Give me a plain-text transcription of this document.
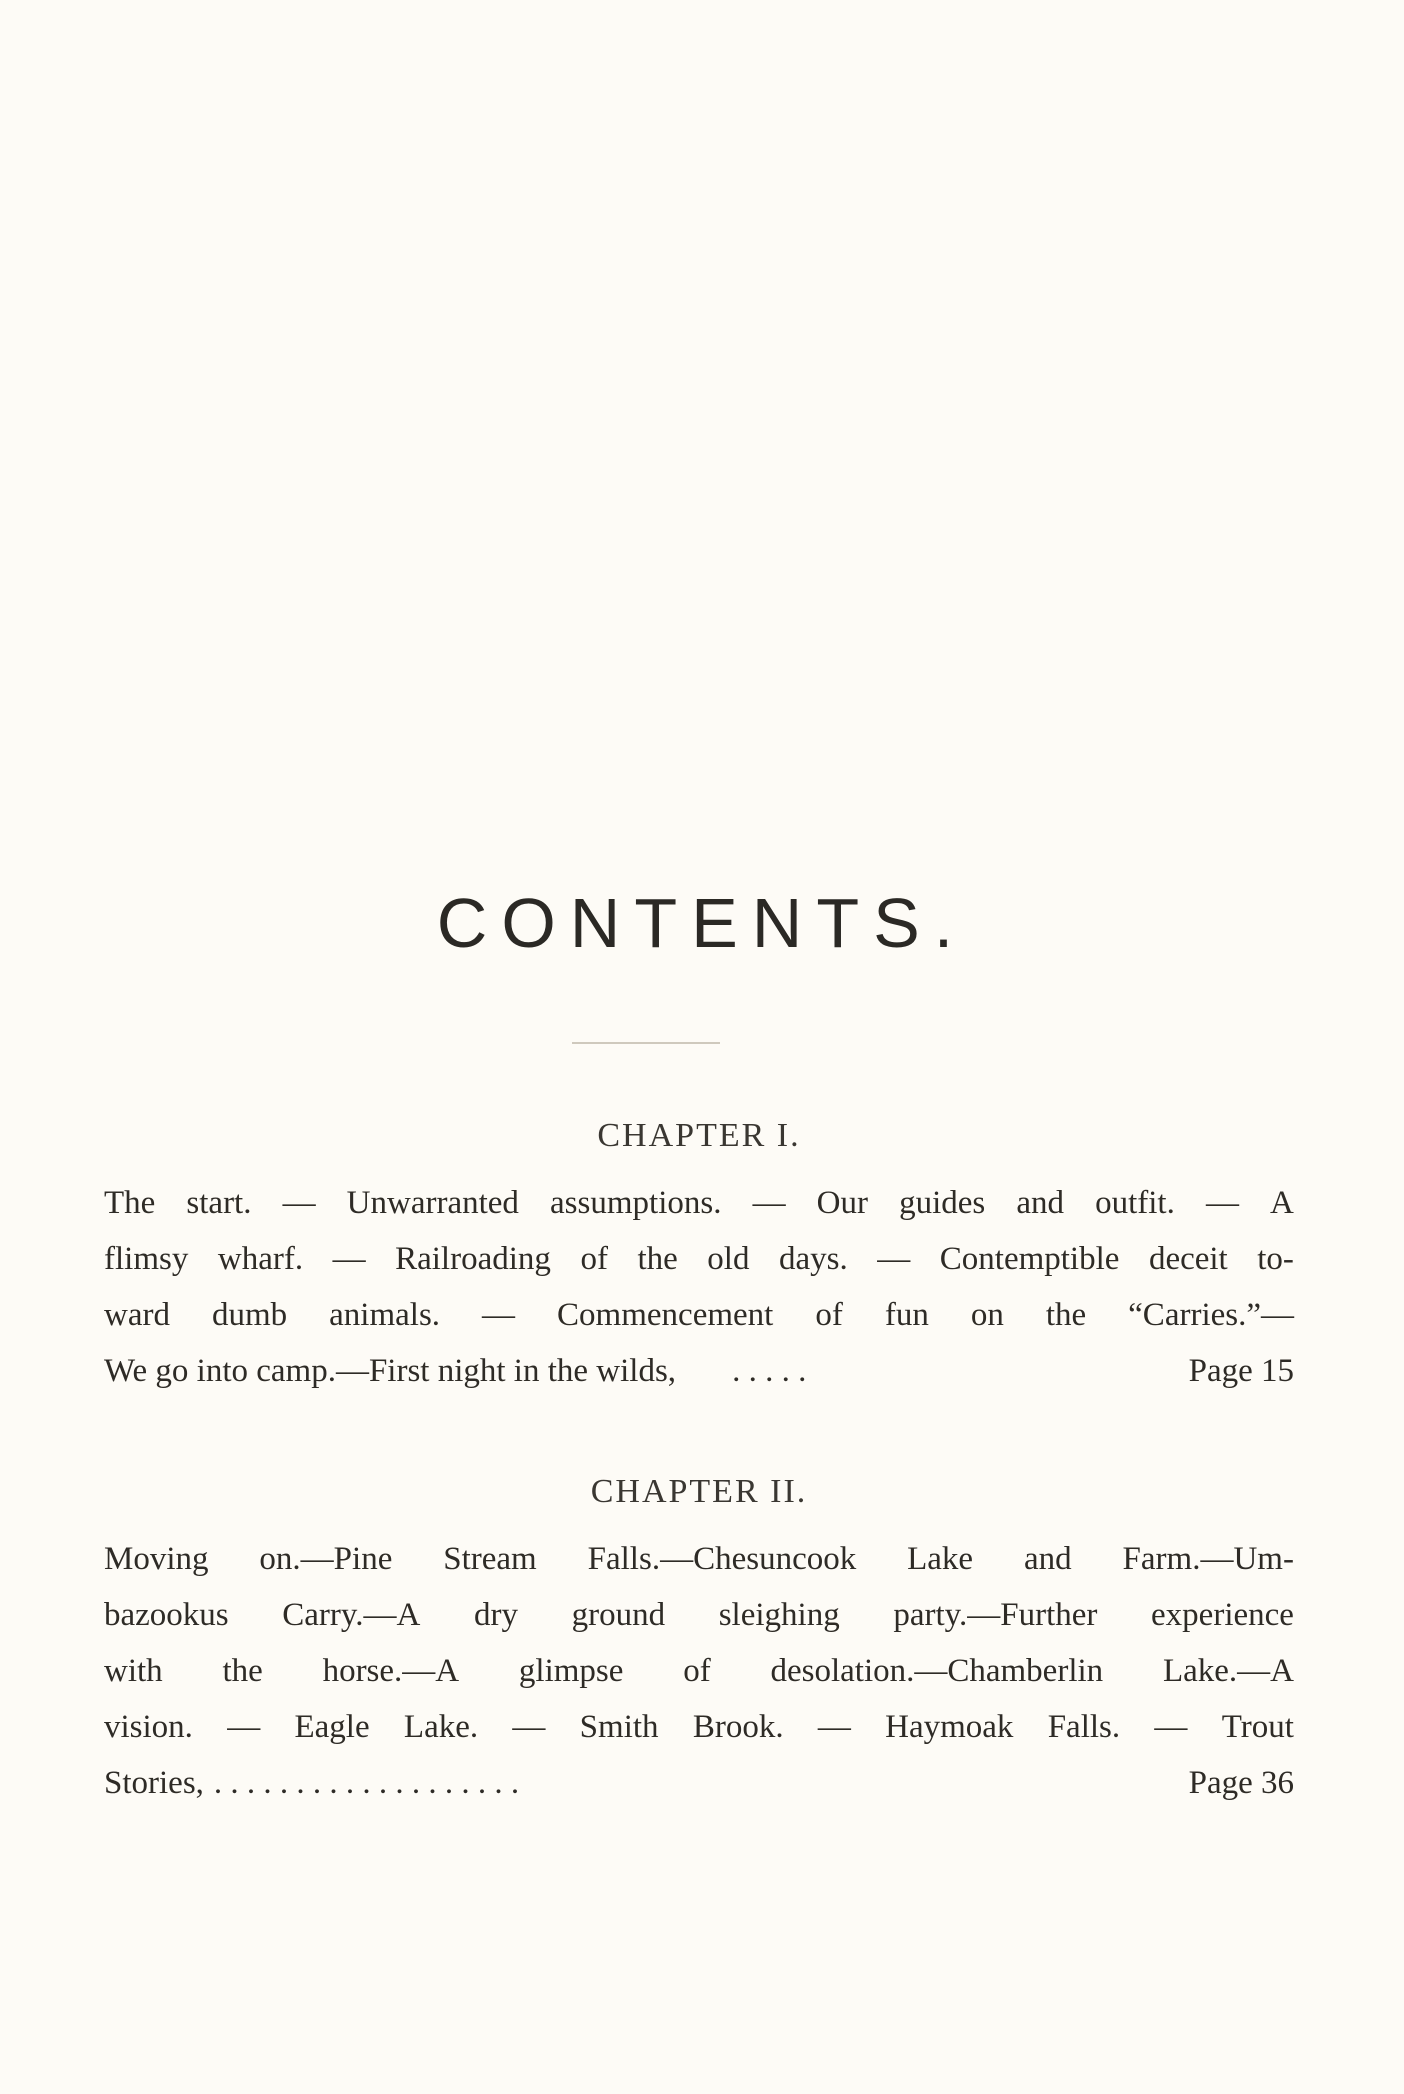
CONTENTS.
CHAPTER I.
The start. — Unwarranted assumptions. — Our guides and outfit. — A
flimsy wharf. — Railroading of the old days. — Contemptible deceit to-
ward dumb animals. — Commencement of fun on the “Carries.”—
We go into camp.—First night in the wilds,	. . . . .	Page 15
CHAPTER II.
Moving on.—Pine Stream Falls.—Chesuncook Lake and Farm.—Um-
bazookus Carry.—A dry ground sleighing party.—Further experience
with the horse.—A glimpse of desolation.—Chamberlin Lake.—A
vision. — Eagle Lake. — Smith Brook. — Haymoak Falls. — Trout
Stories, . . . . . . . . . . . . . . . . . . .	Page 36
